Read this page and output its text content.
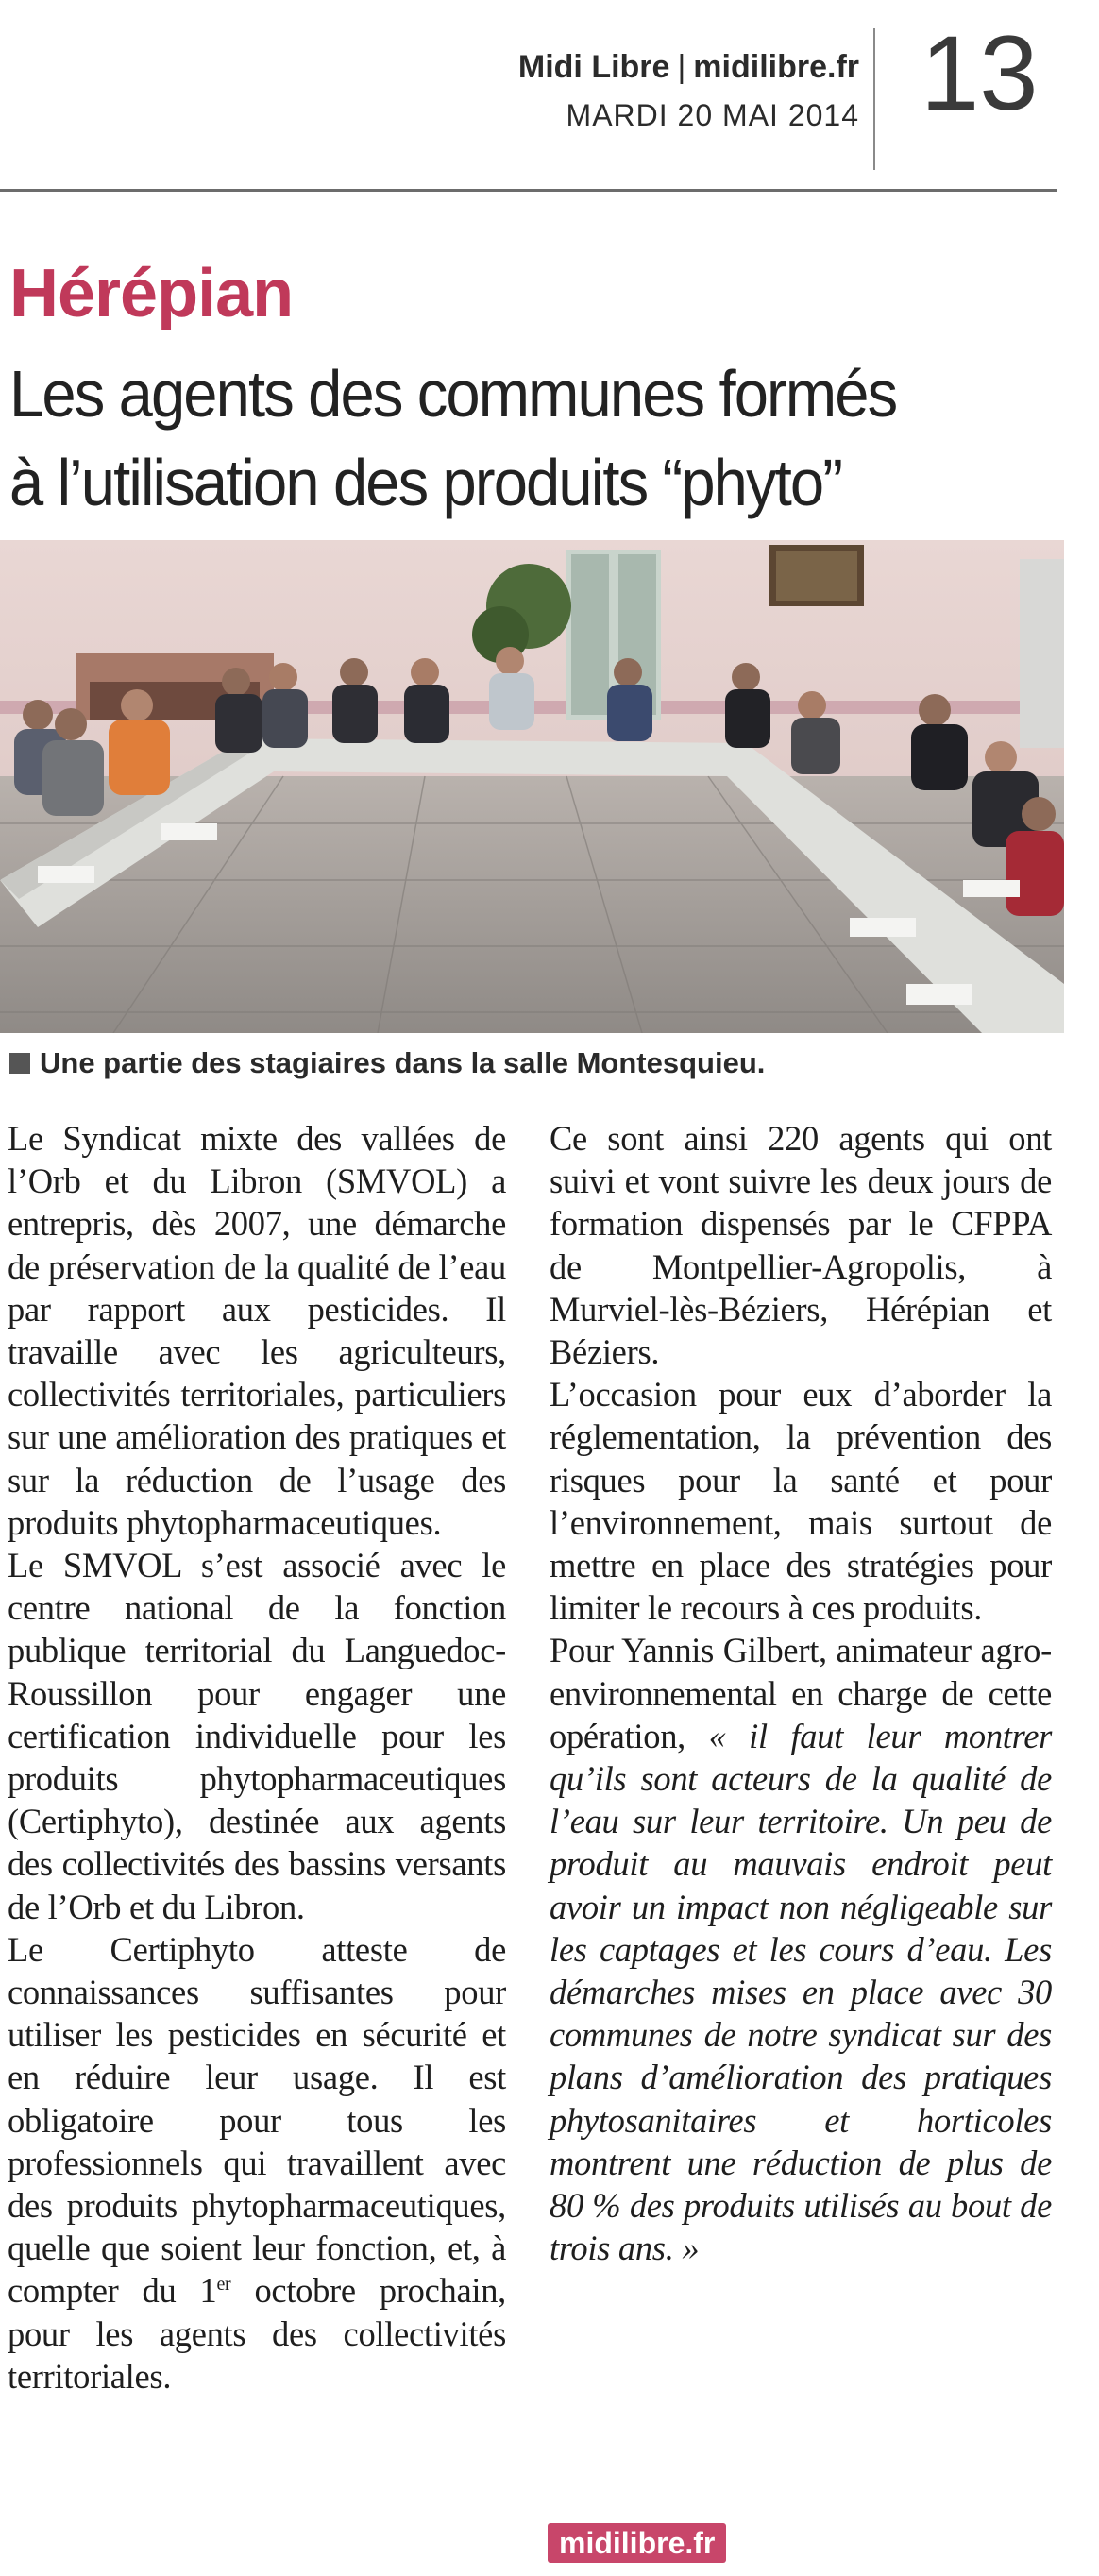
Midi Libre | midilibre.fr
MARDI 20 MAI 2014 13
Hérépian
Les agents des communes formés
à l’utilisation des produits “phyto”
Une partie des stagiaires dans la salle Montesquieu.

Le Syndicat mixte des vallées de l’Orb et du Libron (SMVOL) a entrepris, dès 2007, une démarche de préservation de la qualité de l’eau par rapport aux pesticides. Il travaille avec les agriculteurs, collectivités territoriales, particuliers sur une amélioration des pratiques et sur la réduction de l’usage des produits phytopharmaceutiques.

Le SMVOL s’est associé avec le centre national de la fonction publique territorial du Languedoc-Roussillon pour engager une certification individuelle pour les produits phytopharmaceutiques (Certiphyto), destinée aux agents des collectivités des bassins versants de l’Orb et du Libron.

Le Certiphyto atteste de connaissances suffisantes pour utiliser les pesticides en sécurité et en réduire leur usage. Il est obligatoire pour tous les professionnels qui travaillent avec des produits phytopharmaceutiques, quelle que soient leur fonction, et, à compter du 1er octobre prochain, pour les agents des collectivités territoriales.

Ce sont ainsi 220 agents qui ont suivi et vont suivre les deux jours de formation dispensés par le CFPPA de Montpellier-Agropolis, à Murviel-lès-Béziers, Hérépian et Béziers.

L’occasion pour eux d’aborder la réglementation, la prévention des risques pour la santé et pour l’environnement, mais surtout de mettre en place des stratégies pour limiter le recours à ces produits.

Pour Yannis Gilbert, animateur agro-environnemental en charge de cette opération, « il faut leur montrer qu’ils sont acteurs de la qualité de l’eau sur leur territoire. Un peu de produit au mauvais endroit peut avoir un impact non négligeable sur les captages et les cours d’eau. Les démarches mises en place avec 30 communes de notre syndicat sur des plans d’amélioration des pratiques phytosanitaires et horticoles montrent une réduction de plus de 80 % des produits utilisés au bout de trois ans. »

midilibre.fr
